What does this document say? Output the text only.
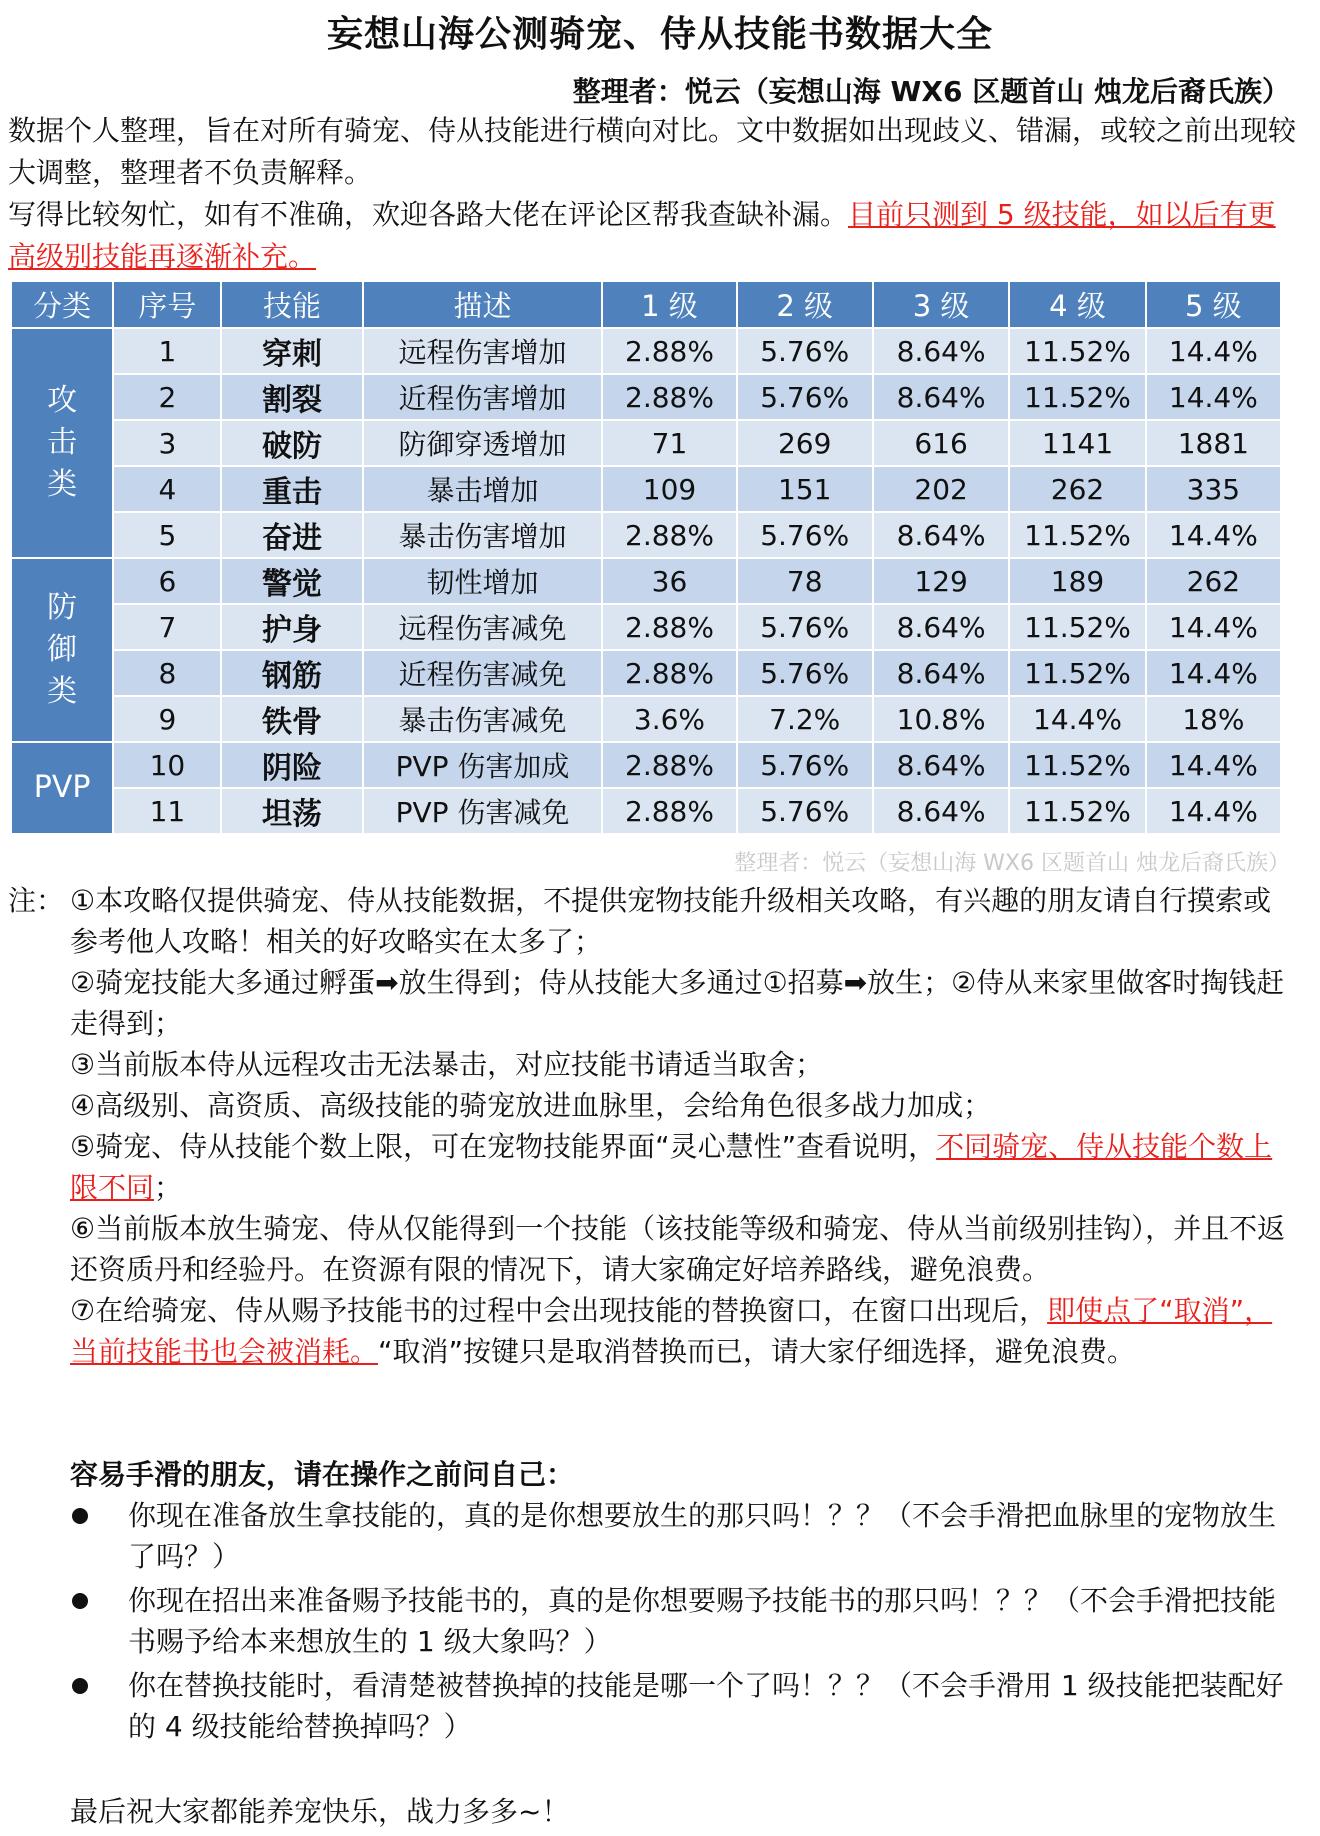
妄想山海公测骑宠、侍从技能书数据大全
整理者：悦云（妄想山海 WX6 区题首山 烛龙后裔氏族）
数据个人整理，旨在对所有骑宠、侍从技能进行横向对比。文中数据如出现歧义、错漏，或较之前出现较大调整，整理者不负责解释。
写得比较匆忙，如有不准确，欢迎各路大佬在评论区帮我查缺补漏。目前只测到 5 级技能，如以后有更高级别技能再逐渐补充。
分类	序号	技能	描述	1 级	2 级	3 级	4 级	5 级
攻击类	1	穿刺	远程伤害增加	2.88%	5.76%	8.64%	11.52%	14.4%
	2	割裂	近程伤害增加	2.88%	5.76%	8.64%	11.52%	14.4%
	3	破防	防御穿透增加	71	269	616	1141	1881
	4	重击	暴击增加	109	151	202	262	335
	5	奋进	暴击伤害增加	2.88%	5.76%	8.64%	11.52%	14.4%
防御类	6	警觉	韧性增加	36	78	129	189	262
	7	护身	远程伤害减免	2.88%	5.76%	8.64%	11.52%	14.4%
	8	钢筋	近程伤害减免	2.88%	5.76%	8.64%	11.52%	14.4%
	9	铁骨	暴击伤害减免	3.6%	7.2%	10.8%	14.4%	18%
PVP	10	阴险	PVP 伤害加成	2.88%	5.76%	8.64%	11.52%	14.4%
	11	坦荡	PVP 伤害减免	2.88%	5.76%	8.64%	11.52%	14.4%
整理者：悦云（妄想山海 WX6 区题首山 烛龙后裔氏族）

注： ①本攻略仅提供骑宠、侍从技能数据，不提供宠物技能升级相关攻略，有兴趣的朋友请自行摸索或参考他人攻略！相关的好攻略实在太多了；

②骑宠技能大多通过孵蛋➡放生得到；侍从技能大多通过①招募➡放生；②侍从来家里做客时掏钱赶走得到；

③当前版本侍从远程攻击无法暴击，对应技能书请适当取舍；

④高级别、高资质、高级技能的骑宠放进血脉里，会给角色很多战力加成；

⑤骑宠、侍从技能个数上限，可在宠物技能界面“灵心慧性”查看说明，不同骑宠、侍从技能个数上限不同；

⑥当前版本放生骑宠、侍从仅能得到一个技能（该技能等级和骑宠、侍从当前级别挂钩），并且不返还资质丹和经验丹。在资源有限的情况下，请大家确定好培养路线，避免浪费。

⑦在给骑宠、侍从赐予技能书的过程中会出现技能的替换窗口，在窗口出现后，即使点了“取消”，当前技能书也会被消耗。“取消”按键只是取消替换而已，请大家仔细选择，避免浪费。

容易手滑的朋友，请在操作之前问自己：
你现在准备放生拿技能的，真的是你想要放生的那只吗！？？（不会手滑把血脉里的宠物放生了吗？）
你现在招出来准备赐予技能书的，真的是你想要赐予技能书的那只吗！？？（不会手滑把技能书赐予给本来想放生的 1 级大象吗？）
你在替换技能时，看清楚被替换掉的技能是哪一个了吗！？？（不会手滑用 1 级技能把装配好的 4 级技能给替换掉吗？）
最后祝大家都能养宠快乐，战力多多~！
